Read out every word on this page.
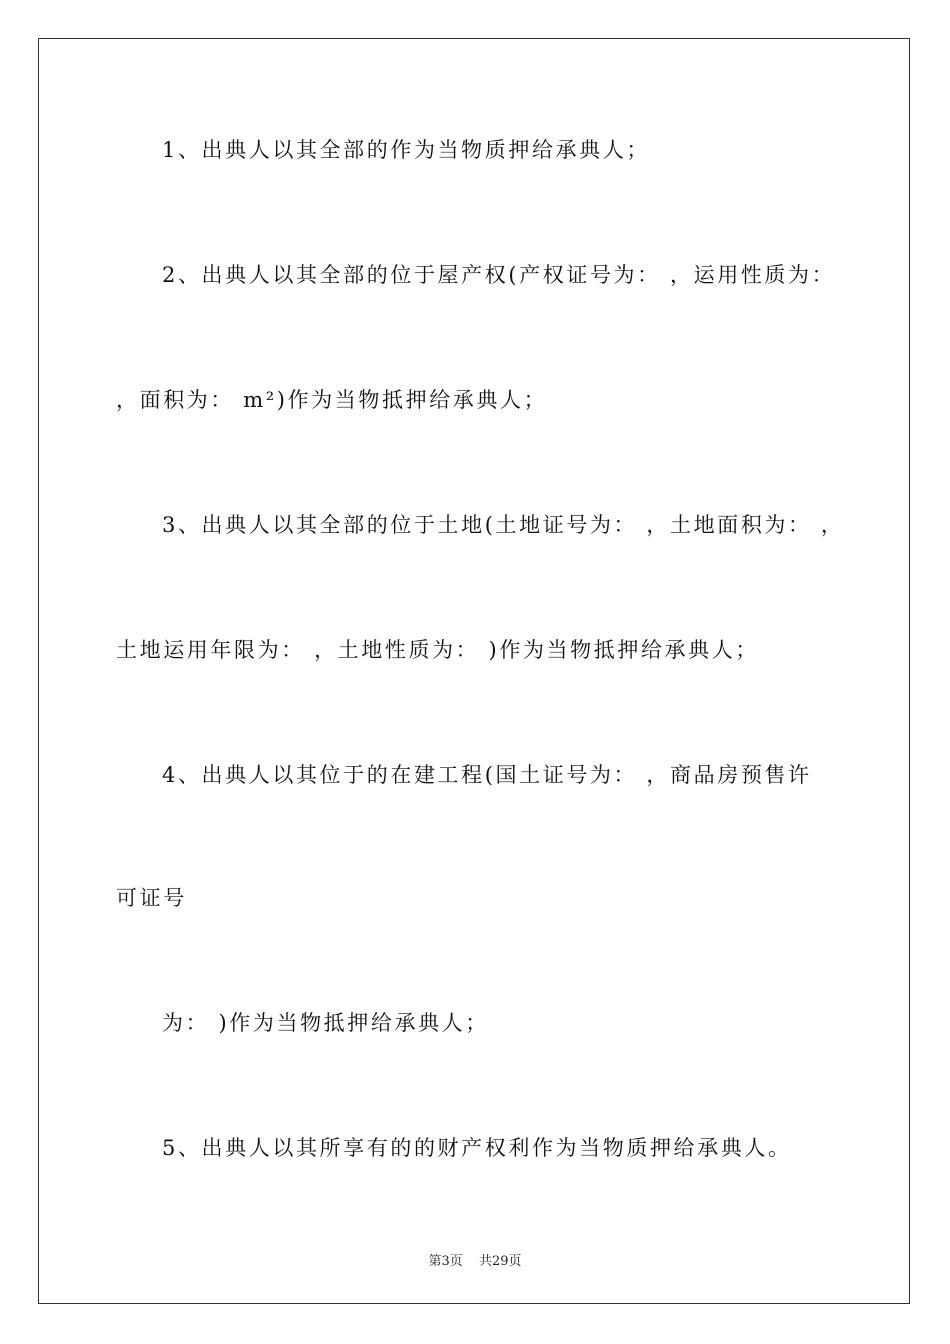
1、出典人以其全部的作为当物质押给承典人；
2、出典人以其全部的位于屋产权(产权证号为： ，运用性质为：
，面积为： m²)作为当物抵押给承典人；
3、出典人以其全部的位于土地(土地证号为： ，土地面积为： ，
土地运用年限为： ，土地性质为： )作为当物抵押给承典人；
4、出典人以其位于的在建工程(国土证号为： ，商品房预售许
可证号
为： )作为当物抵押给承典人；
5、出典人以其所享有的的财产权利作为当物质押给承典人。
第3页 共29页
